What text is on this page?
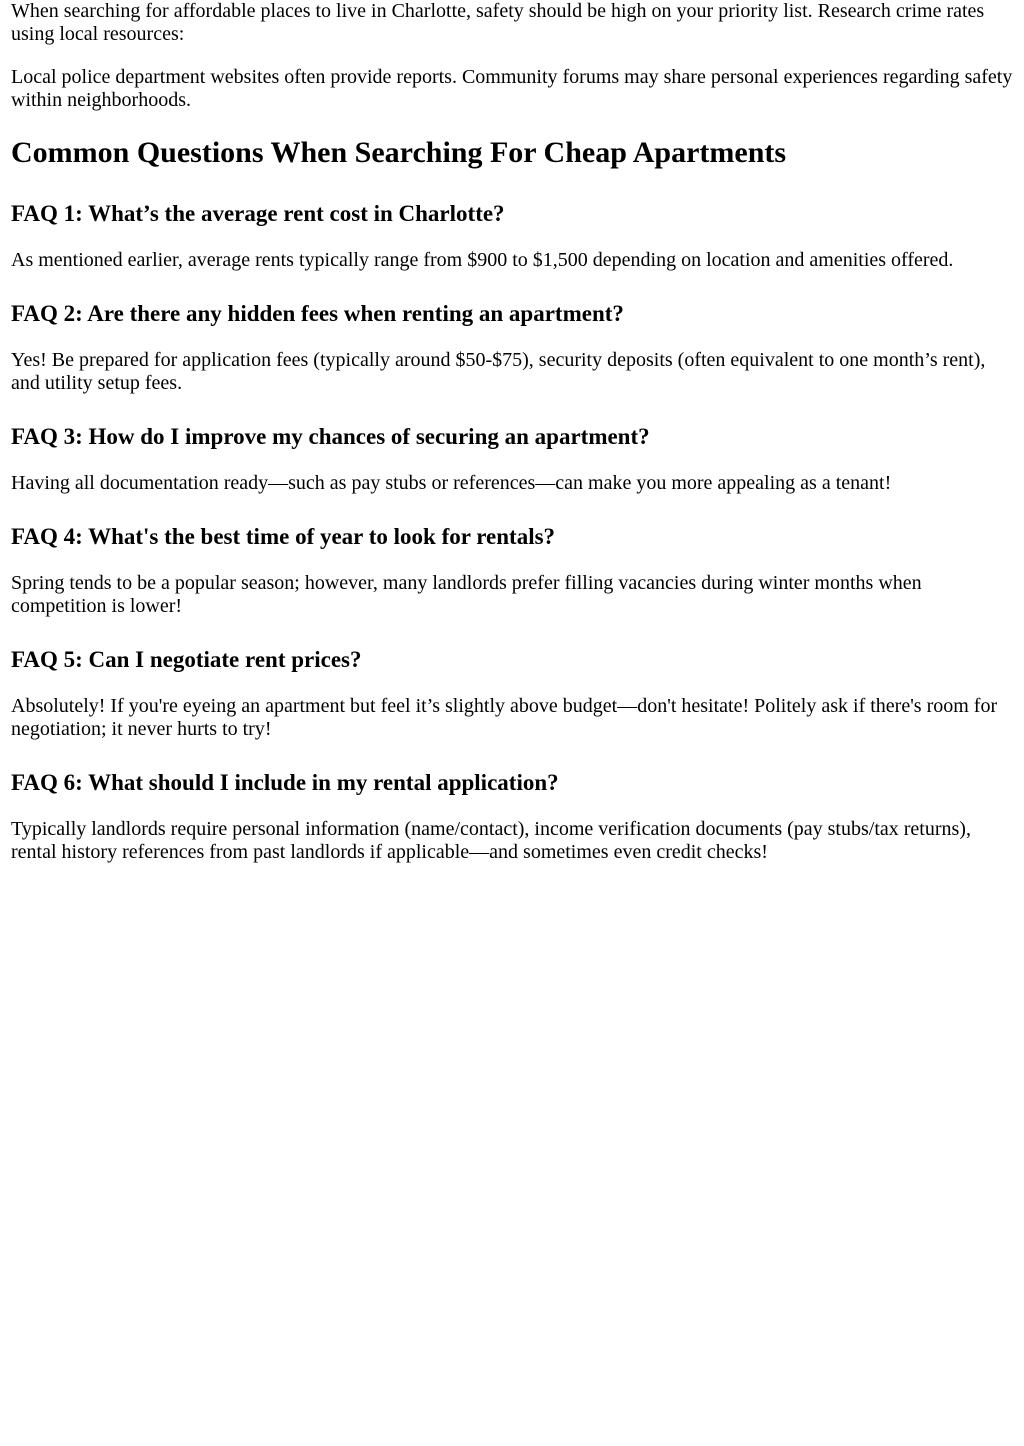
When searching for affordable places to live in Charlotte, safety should be high on your priority list. Research crime rates using local resources:

Local police department websites often provide reports. Community forums may share personal experiences regarding safety within neighborhoods.

Common Questions When Searching For Cheap Apartments
FAQ 1: What’s the average rent cost in Charlotte?

As mentioned earlier, average rents typically range from $900 to $1,500 depending on location and amenities offered.

FAQ 2: Are there any hidden fees when renting an apartment?

Yes! Be prepared for application fees (typically around $50-$75), security deposits (often equivalent to one month’s rent), and utility setup fees.

FAQ 3: How do I improve my chances of securing an apartment?

Having all documentation ready—such as pay stubs or references—can make you more appealing as a tenant!

FAQ 4: What's the best time of year to look for rentals?

Spring tends to be a popular season; however, many landlords prefer filling vacancies during winter months when competition is lower!

FAQ 5: Can I negotiate rent prices?

Absolutely! If you're eyeing an apartment but feel it’s slightly above budget—don't hesitate! Politely ask if there's room for negotiation; it never hurts to try!

FAQ 6: What should I include in my rental application?

Typically landlords require personal information (name/contact), income verification documents (pay stubs/tax returns), rental history references from past landlords if applicable—and sometimes even credit checks!
